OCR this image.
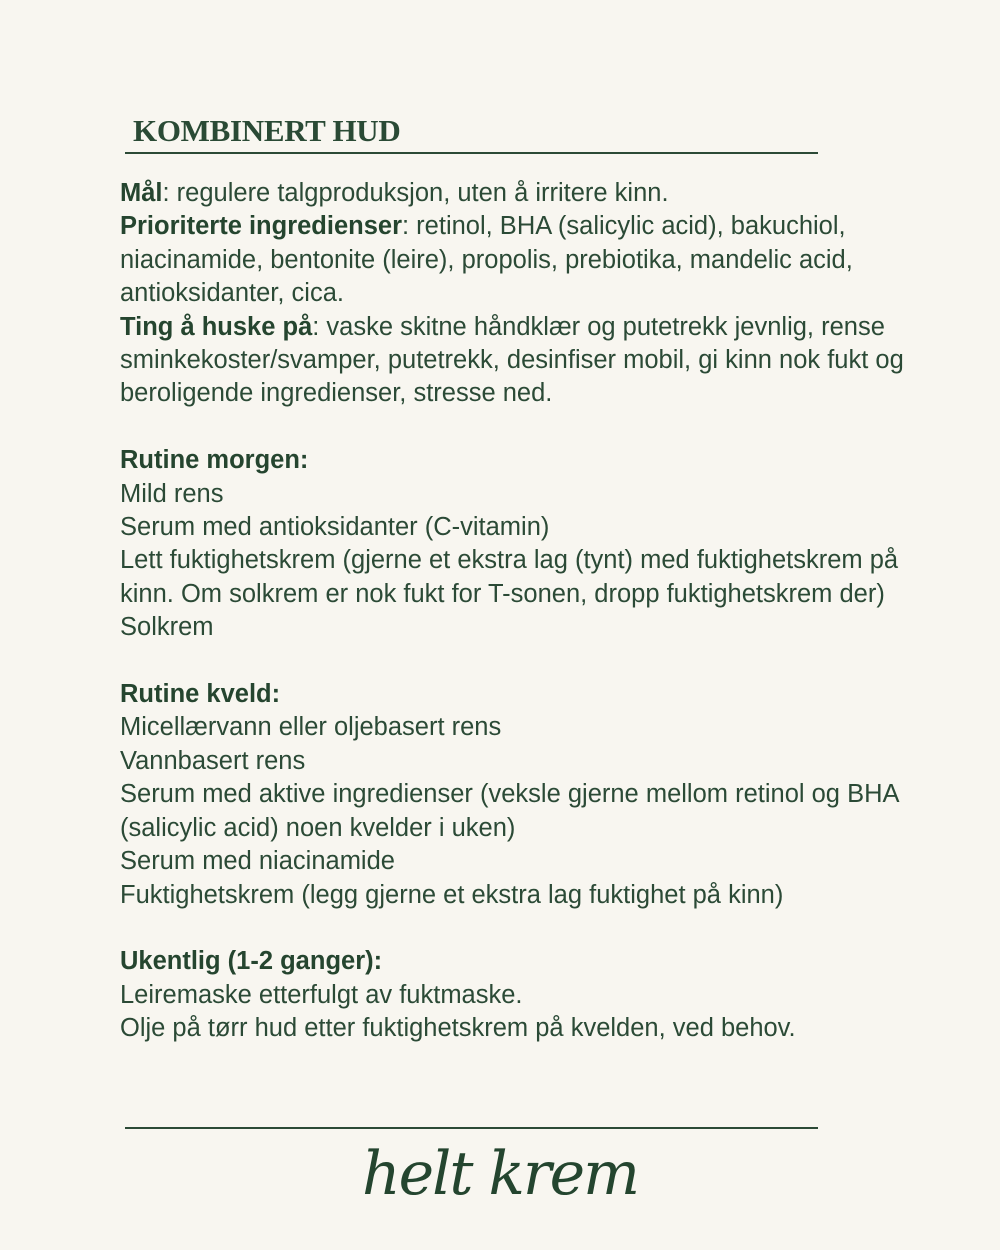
KOMBINERT HUD

Mål: regulere talgproduksjon, uten å irritere kinn.

Prioriterte ingredienser: retinol, BHA (salicylic acid), bakuchiol, niacinamide, bentonite (leire), propolis, prebiotika, mandelic acid, antioksidanter, cica.

Ting å huske på: vaske skitne håndklær og putetrekk jevnlig, rense sminkekoster/svamper, putetrekk, desinfiser mobil, gi kinn nok fukt og beroligende ingredienser, stresse ned.

Rutine morgen:

Mild rens

Serum med antioksidanter (C-vitamin)

Lett fuktighetskrem (gjerne et ekstra lag (tynt) med fuktighetskrem på kinn. Om solkrem er nok fukt for T-sonen, dropp fuktighetskrem der)

Solkrem

Rutine kveld:

Micellærvann eller oljebasert rens

Vannbasert rens

Serum med aktive ingredienser (veksle gjerne mellom retinol og BHA (salicylic acid) noen kvelder i uken)

Serum med niacinamide

Fuktighetskrem (legg gjerne et ekstra lag fuktighet på kinn)

Ukentlig (1-2 ganger):

Leiremaske etterfulgt av fuktmaske.

Olje på tørr hud etter fuktighetskrem på kvelden, ved behov.

helt krem
